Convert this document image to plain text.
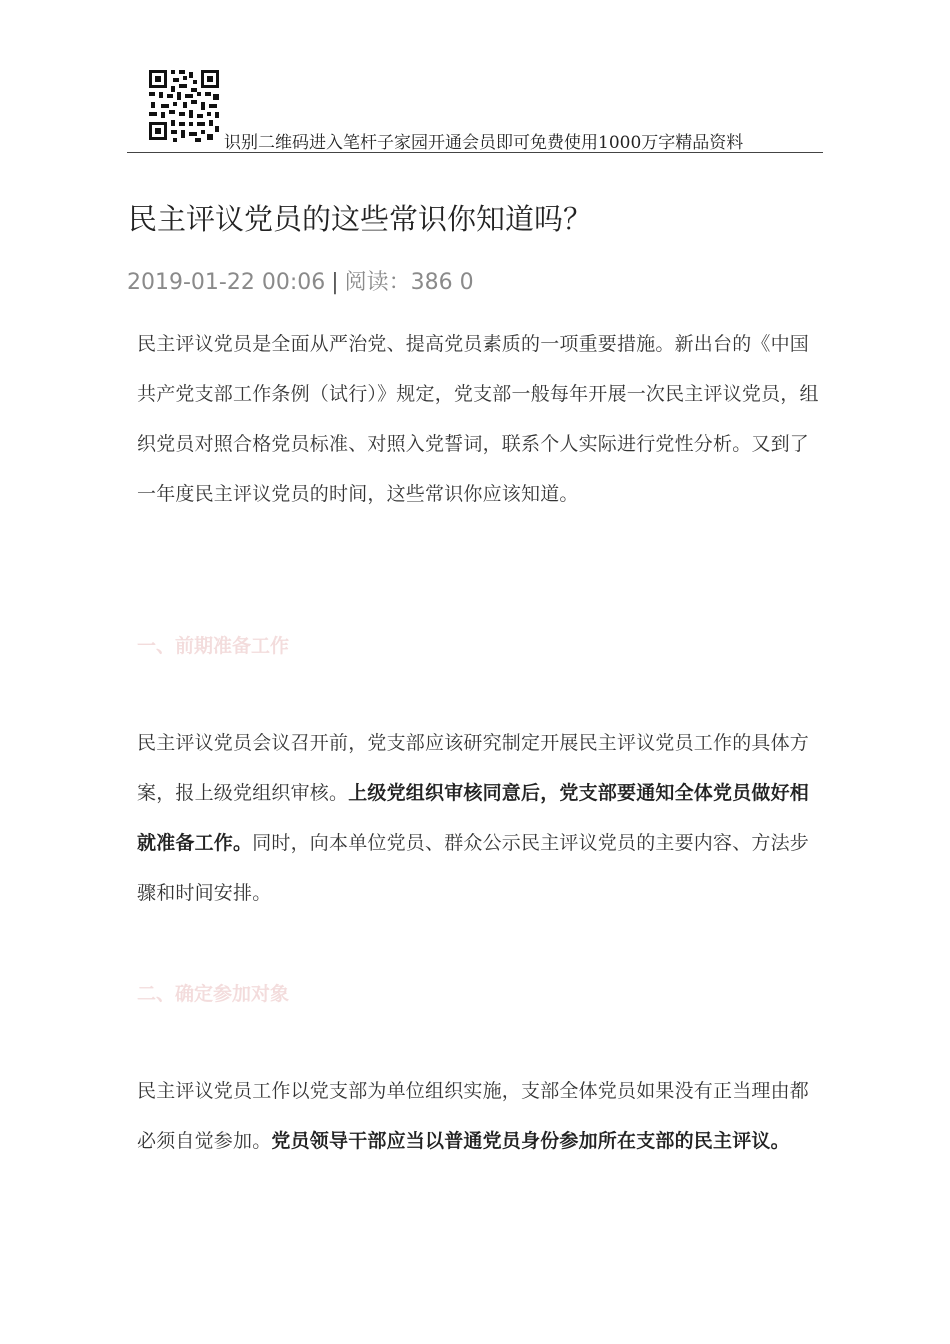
识别二维码进入笔杆子家园开通会员即可免费使用1000万字精品资料
民主评议党员的这些常识你知道吗？
2019-01-22 00:06 | 阅读：386 0

民主评议党员是全面从严治党、提高党员素质的一项重要措施。新出台的《中国共产党支部工作条例（试行）》规定，党支部一般每年开展一次民主评议党员，组织党员对照合格党员标准、对照入党誓词，联系个人实际进行党性分析。又到了一年度民主评议党员的时间，这些常识你应该知道。

一、前期准备工作

民主评议党员会议召开前，党支部应该研究制定开展民主评议党员工作的具体方案，报上级党组织审核。上级党组织审核同意后，党支部要通知全体党员做好相就准备工作。同时，向本单位党员、群众公示民主评议党员的主要内容、方法步骤和时间安排。

二、确定参加对象

民主评议党员工作以党支部为单位组织实施，支部全体党员如果没有正当理由都必须自觉参加。党员领导干部应当以普通党员身份参加所在支部的民主评议。
